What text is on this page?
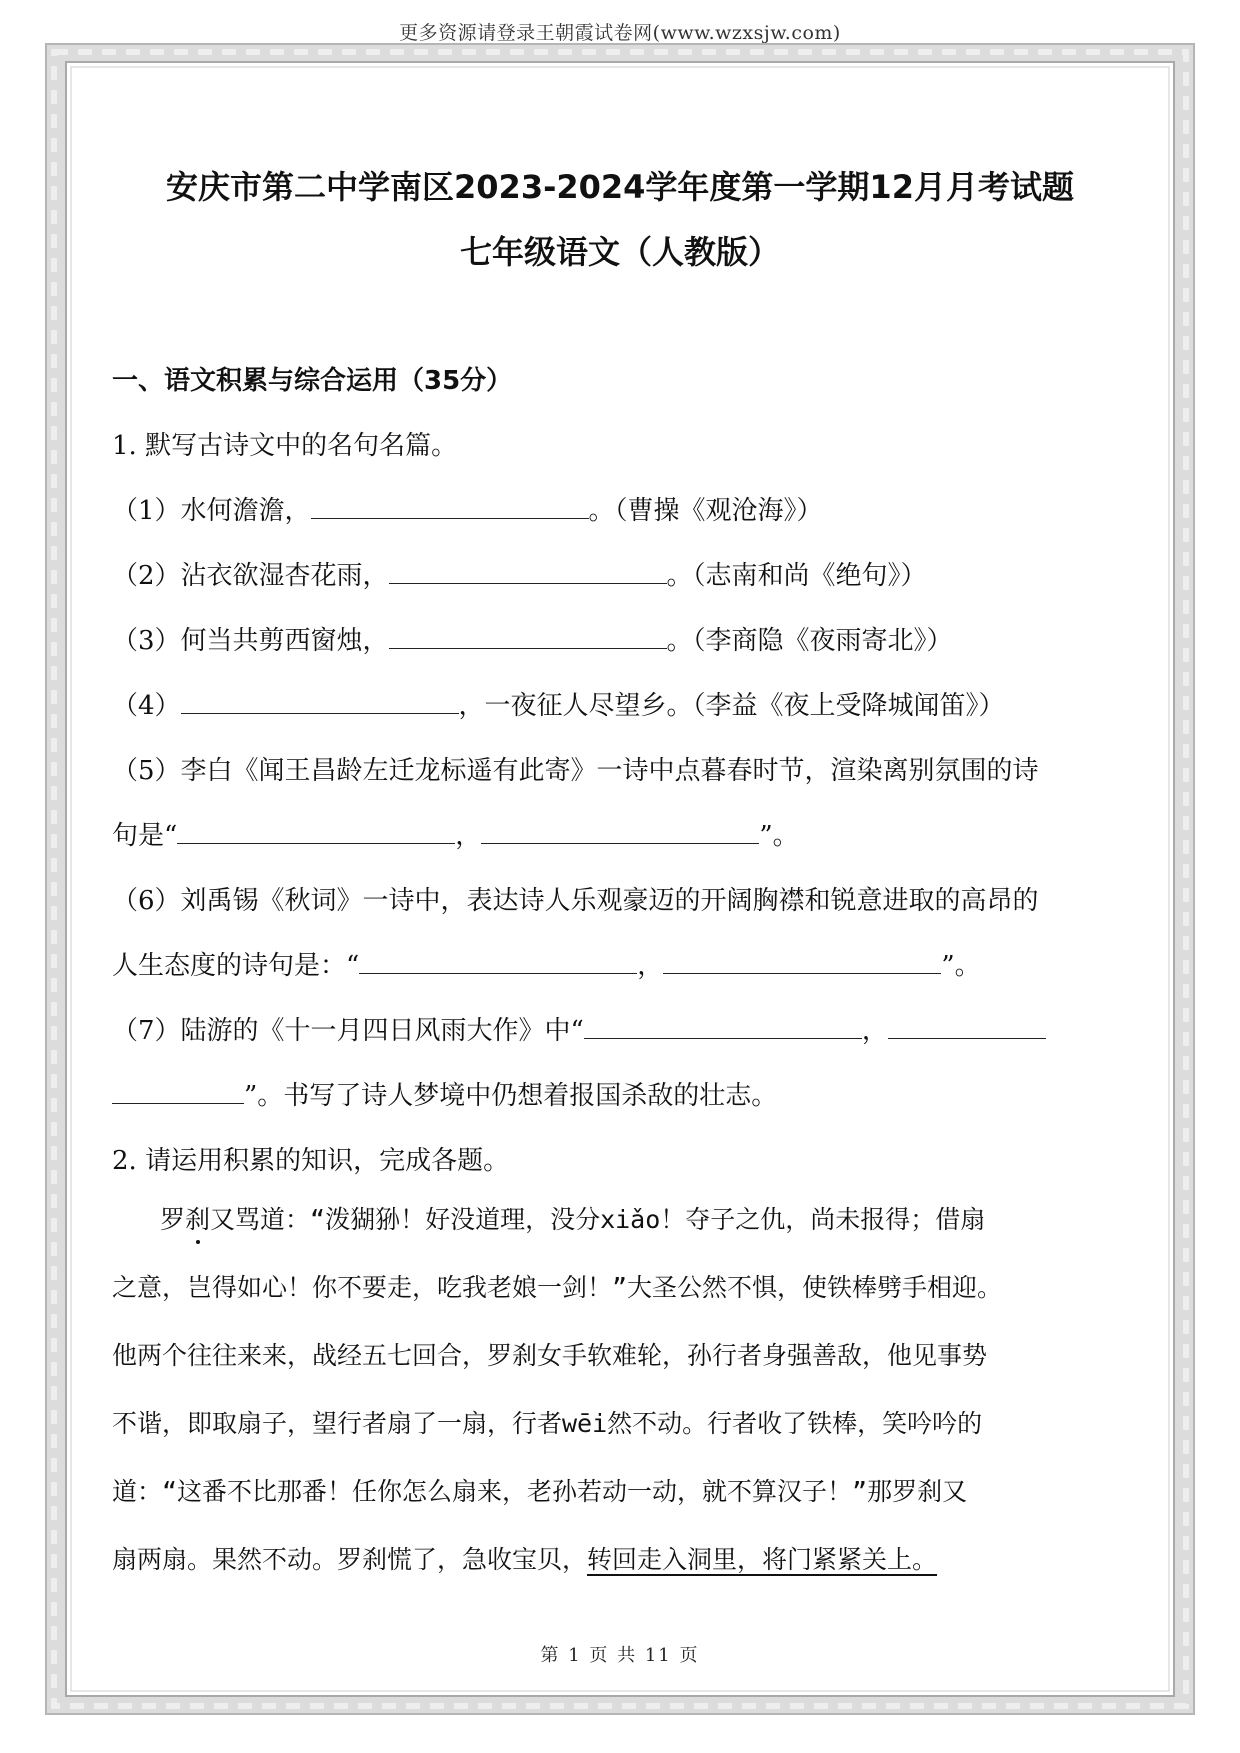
更多资源请登录王朝霞试卷网(www.wzxsjw.com)
安庆市第二中学南区2023-2024学年度第一学期12月月考试题
七年级语文（人教版）
一、语文积累与综合运用（35分）
1. 默写古诗文中的名句名篇。
（1）水何澹澹，	。（曹操《观沧海》）
（2）沾衣欲湿杏花雨，	。（志南和尚《绝句》）
（3）何当共剪西窗烛，	。（李商隐《夜雨寄北》）
（4）	，一夜征人尽望乡。（李益《夜上受降城闻笛》）
（5）李白《闻王昌龄左迁龙标遥有此寄》一诗中点暮春时节，渲染离别氛围的诗
句是“	，	”。
（6）刘禹锡《秋词》一诗中，表达诗人乐观豪迈的开阔胸襟和锐意进取的高昂的
人生态度的诗句是：“	，	”。
（7）陆游的《十一月四日风雨大作》中“	，
”。书写了诗人梦境中仍想着报国杀敌的壮志。
2. 请运用积累的知识，完成各题。
罗刹又骂道：“泼猢狲！好没道理，没分xiǎo！夺子之仇，尚未报得；借扇
之意，岂得如心！你不要走，吃我老娘一剑！”大圣公然不惧，使铁棒劈手相迎。
他两个往往来来，战经五七回合，罗刹女手软难轮，孙行者身强善敌，他见事势
不谐，即取扇子，望行者扇了一扇，行者wēi然不动。行者收了铁棒，笑吟吟的
道：“这番不比那番！任你怎么扇来，老孙若动一动，就不算汉子！”那罗刹又
扇两扇。果然不动。罗刹慌了，急收宝贝，转回走入洞里，将门紧紧关上。
第 1 页 共 11 页
